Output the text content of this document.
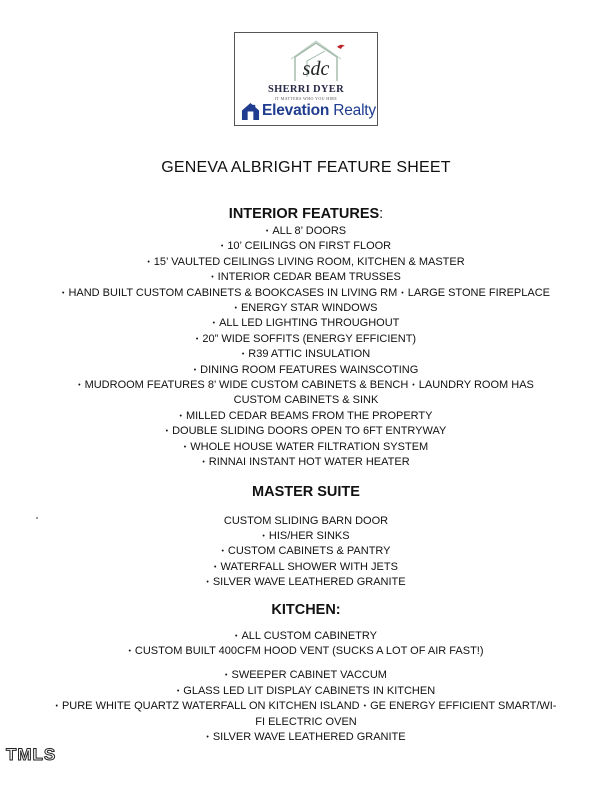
sdc
SHERRI DYER
IT MATTERS WHO YOU HIRE
Elevation Realty
GENEVA ALBRIGHT FEATURE SHEET
INTERIOR FEATURES:
• ALL 8’ DOORS
• 10’ CEILINGS ON FIRST FLOOR
• 15’ VAULTED CEILINGS LIVING ROOM, KITCHEN & MASTER
• INTERIOR CEDAR BEAM TRUSSES
• HAND BUILT CUSTOM CABINETS & BOOKCASES IN LIVING RM • LARGE STONE FIREPLACE
• ENERGY STAR WINDOWS
• ALL LED LIGHTING THROUGHOUT
• 20” WIDE SOFFITS (ENERGY EFFICIENT)
• R39 ATTIC INSULATION
• DINING ROOM FEATURES WAINSCOTING
• MUDROOM FEATURES 8’ WIDE CUSTOM CABINETS & BENCH • LAUNDRY ROOM HAS
CUSTOM CABINETS & SINK
• MILLED CEDAR BEAMS FROM THE PROPERTY
• DOUBLE SLIDING DOORS OPEN TO 6FT ENTRYWAY
• WHOLE HOUSE WATER FILTRATION SYSTEM
• RINNAI INSTANT HOT WATER HEATER
MASTER SUITE
CUSTOM SLIDING BARN DOOR
• HIS/HER SINKS
• CUSTOM CABINETS & PANTRY
• WATERFALL SHOWER WITH JETS
• SILVER WAVE LEATHERED GRANITE
KITCHEN:
• ALL CUSTOM CABINETRY
• CUSTOM BUILT 400CFM HOOD VENT (SUCKS A LOT OF AIR FAST!)
• SWEEPER CABINET VACCUM
• GLASS LED LIT DISPLAY CABINETS IN KITCHEN
• PURE WHITE QUARTZ WATERFALL ON KITCHEN ISLAND • GE ENERGY EFFICIENT SMART/WI-
FI ELECTRIC OVEN
• SILVER WAVE LEATHERED GRANITE
TMLS
